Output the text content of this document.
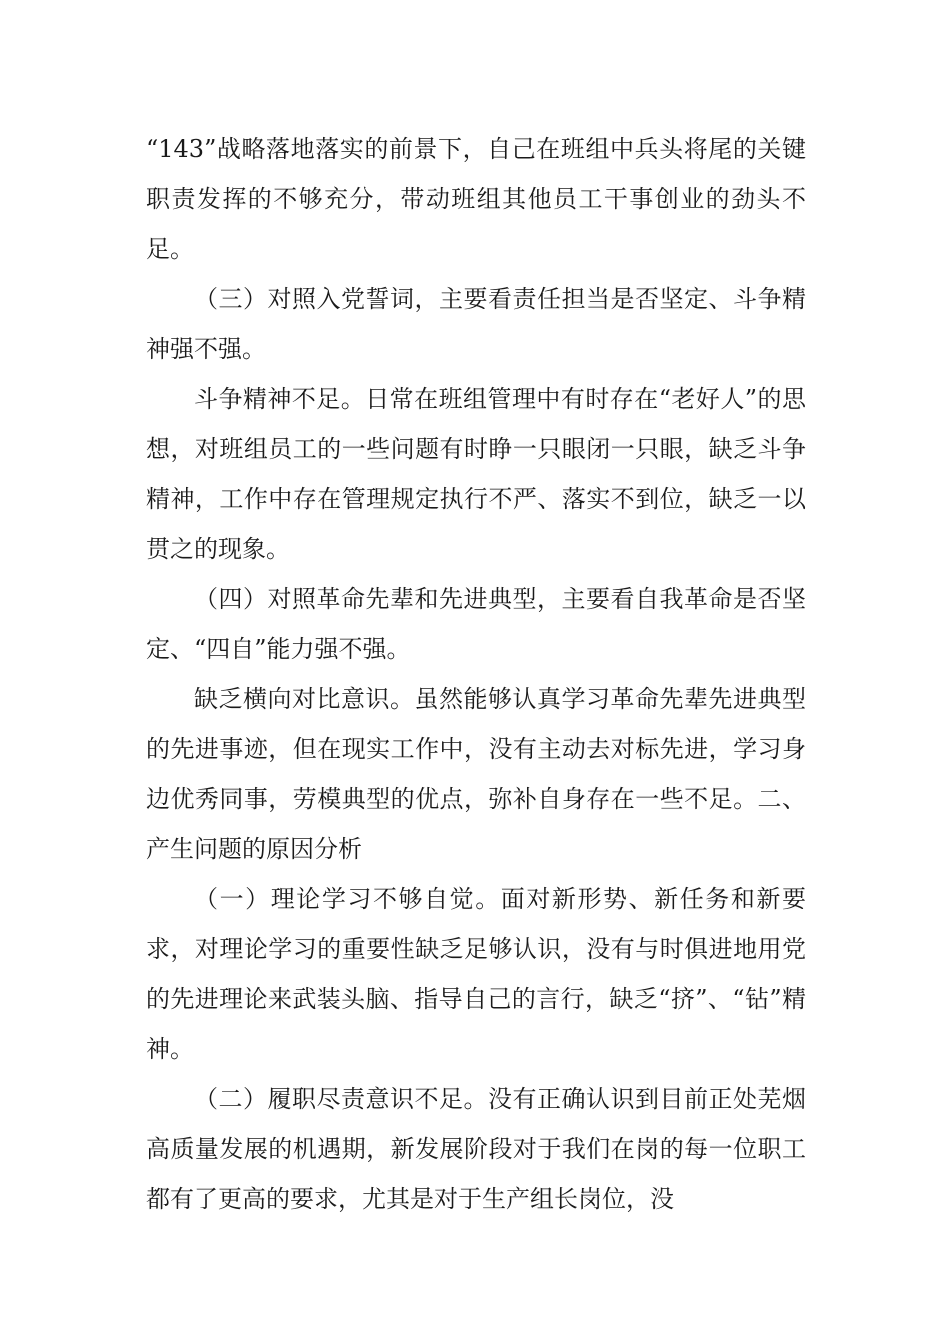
“143”战略落地落实的前景下，自己在班组中兵头将尾的关键职责发挥的不够充分，带动班组其他员工干事创业的劲头不足。

（三）对照入党誓词，主要看责任担当是否坚定、斗争精神强不强。

斗争精神不足。日常在班组管理中有时存在“老好人”的思想，对班组员工的一些问题有时睁一只眼闭一只眼，缺乏斗争精神，工作中存在管理规定执行不严、落实不到位，缺乏一以贯之的现象。

（四）对照革命先辈和先进典型，主要看自我革命是否坚定、“四自”能力强不强。

缺乏横向对比意识。虽然能够认真学习革命先辈先进典型的先进事迹，但在现实工作中，没有主动去对标先进，学习身边优秀同事，劳模典型的优点，弥补自身存在一些不足。二、产生问题的原因分析

（一）理论学习不够自觉。面对新形势、新任务和新要求，对理论学习的重要性缺乏足够认识，没有与时俱进地用党的先进理论来武装头脑、指导自己的言行，缺乏“挤”、“钻”精神。

（二）履职尽责意识不足。没有正确认识到目前正处芜烟高质量发展的机遇期，新发展阶段对于我们在岗的每一位职工都有了更高的要求，尤其是对于生产组长岗位，没
